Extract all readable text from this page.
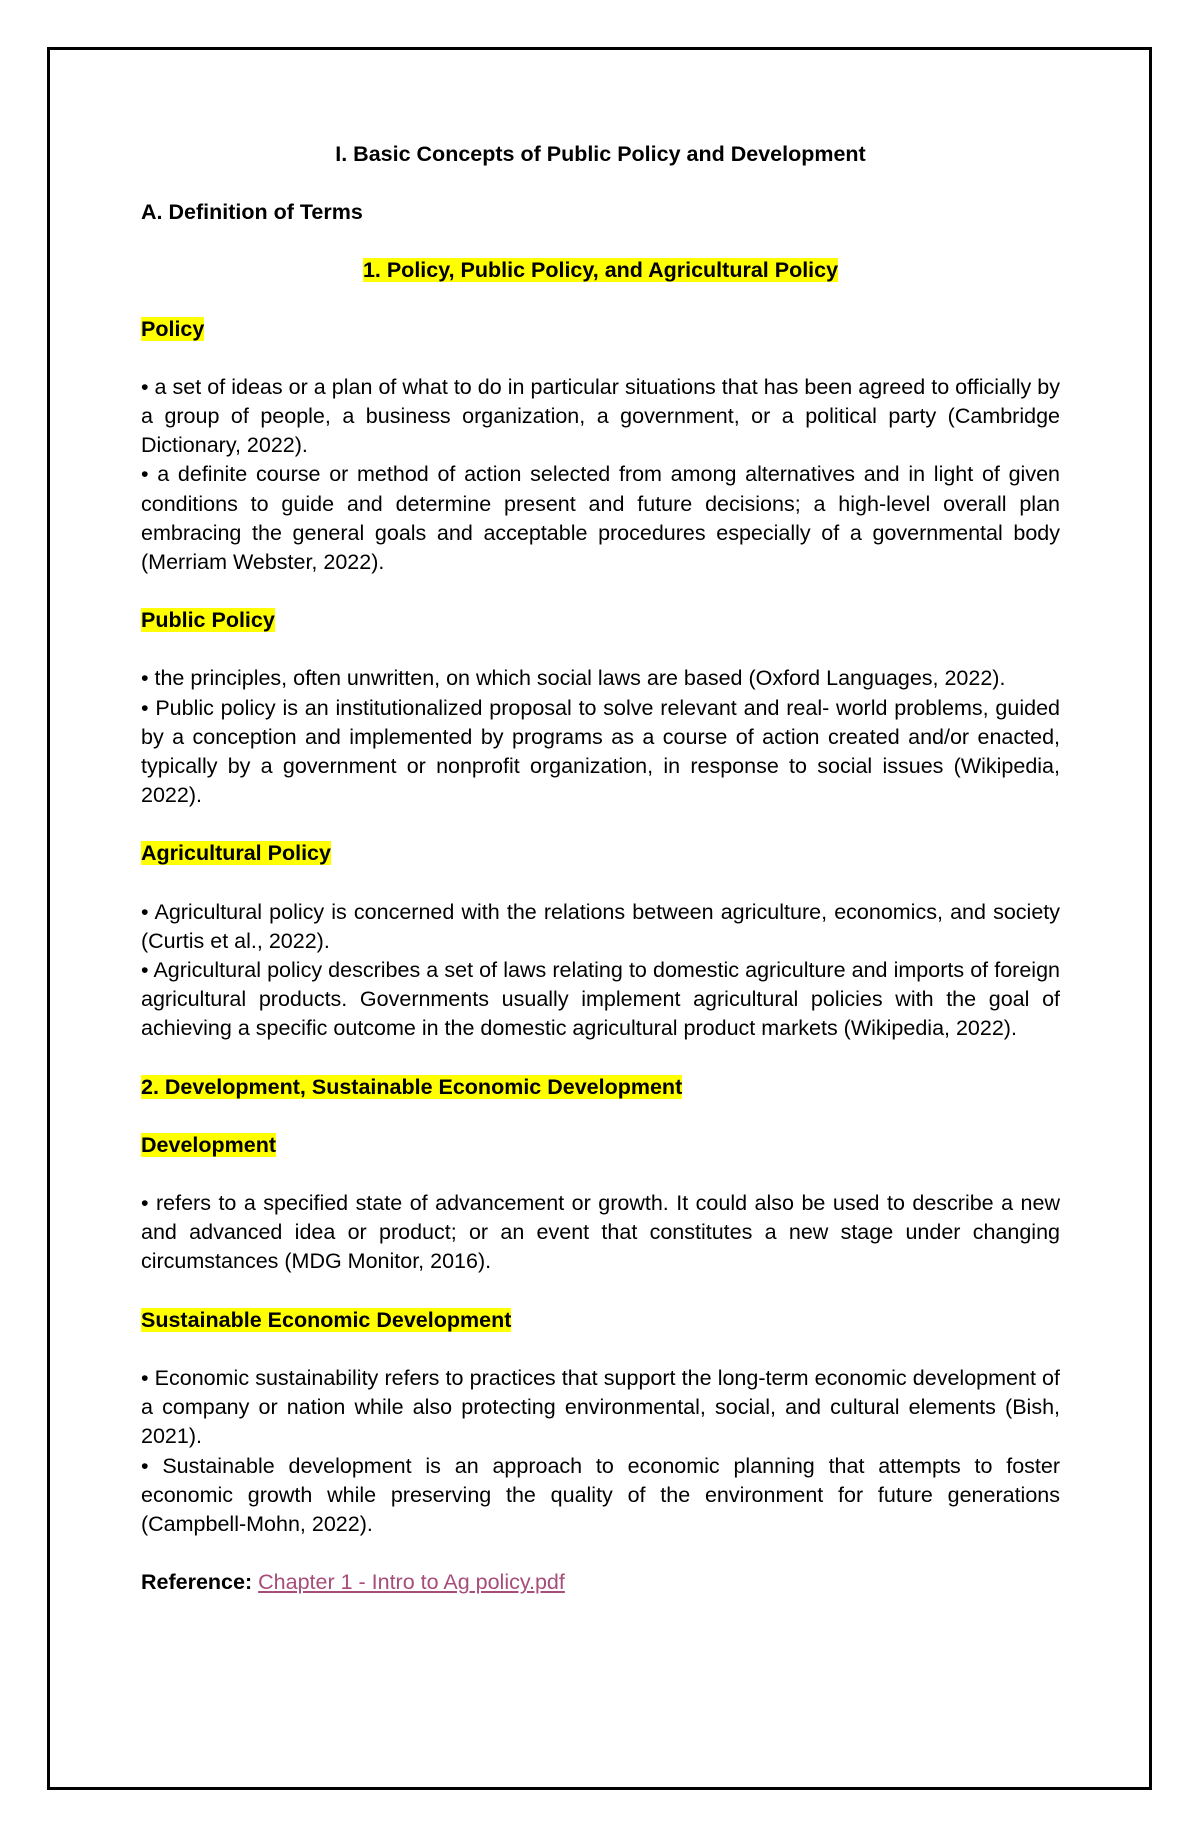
I. Basic Concepts of Public Policy and Development

A. Definition of Terms

1. Policy, Public Policy, and Agricultural Policy

Policy

• a set of ideas or a plan of what to do in particular situations that has been agreed to officially by a group of people, a business organization, a government, or a political party (Cambridge Dictionary, 2022).

• a definite course or method of action selected from among alternatives and in light of given conditions to guide and determine present and future decisions; a high-level overall plan embracing the general goals and acceptable procedures especially of a governmental body (Merriam Webster, 2022).

Public Policy

• the principles, often unwritten, on which social laws are based (Oxford Languages, 2022).

• Public policy is an institutionalized proposal to solve relevant and real- world problems, guided by a conception and implemented by programs as a course of action created and/or enacted, typically by a government or nonprofit organization, in response to social issues (Wikipedia, 2022).

Agricultural Policy

• Agricultural policy is concerned with the relations between agriculture, economics, and society (Curtis et al., 2022).

• Agricultural policy describes a set of laws relating to domestic agriculture and imports of foreign agricultural products. Governments usually implement agricultural policies with the goal of achieving a specific outcome in the domestic agricultural product markets (Wikipedia, 2022).

2. Development, Sustainable Economic Development

Development

• refers to a specified state of advancement or growth. It could also be used to describe a new and advanced idea or product; or an event that constitutes a new stage under changing circumstances (MDG Monitor, 2016).

Sustainable Economic Development

• Economic sustainability refers to practices that support the long-term economic development of a company or nation while also protecting environmental, social, and cultural elements (Bish, 2021).

• Sustainable development is an approach to economic planning that attempts to foster economic growth while preserving the quality of the environment for future generations (Campbell-Mohn, 2022).

Reference: Chapter 1 - Intro to Ag policy.pdf
